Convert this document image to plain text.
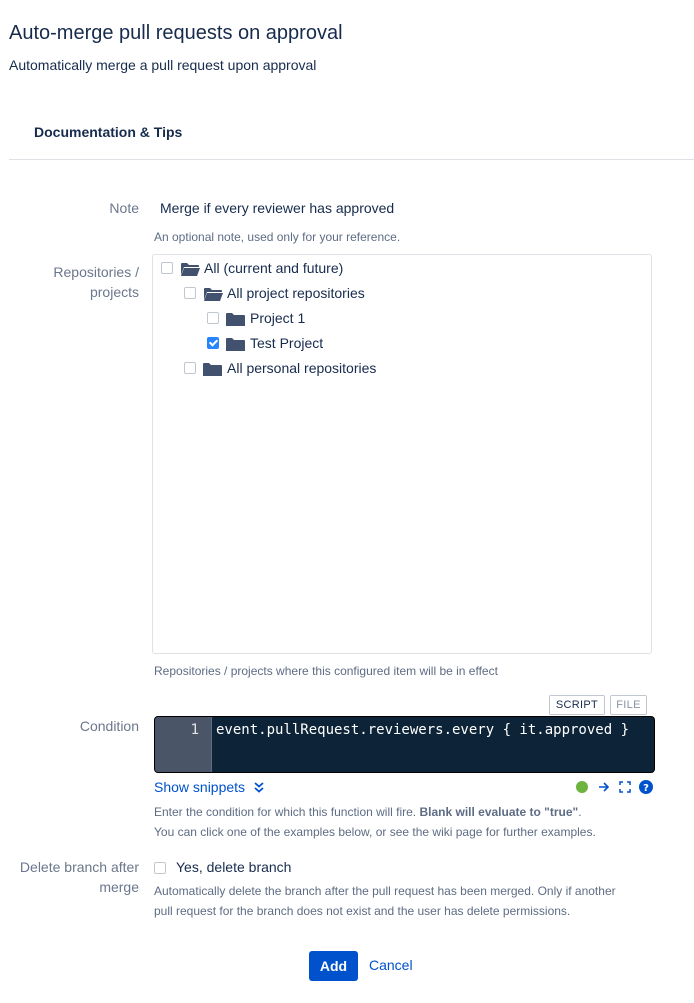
Auto-merge pull requests on approval
Automatically merge a pull request upon approval
Documentation & Tips
Note Merge if every reviewer has approved
An optional note, used only for your reference.
Repositories /
projects
All (current and future)
All project repositories
Project 1
Test Project
All personal repositories
Repositories / projects where this configured item will be in effect
SCRIPT	FILE
Condition	1 event.pullRequest.reviewers.every { it.approved }
Show snippets	?
Enter the condition for which this function will fire. Blank will evaluate to "true".
You can click one of the examples below, or see the wiki page for further examples.
Delete branch after
merge
Yes, delete branch
Automatically delete the branch after the pull request has been merged. Only if another
pull request for the branch does not exist and the user has delete permissions.
Add	Cancel
